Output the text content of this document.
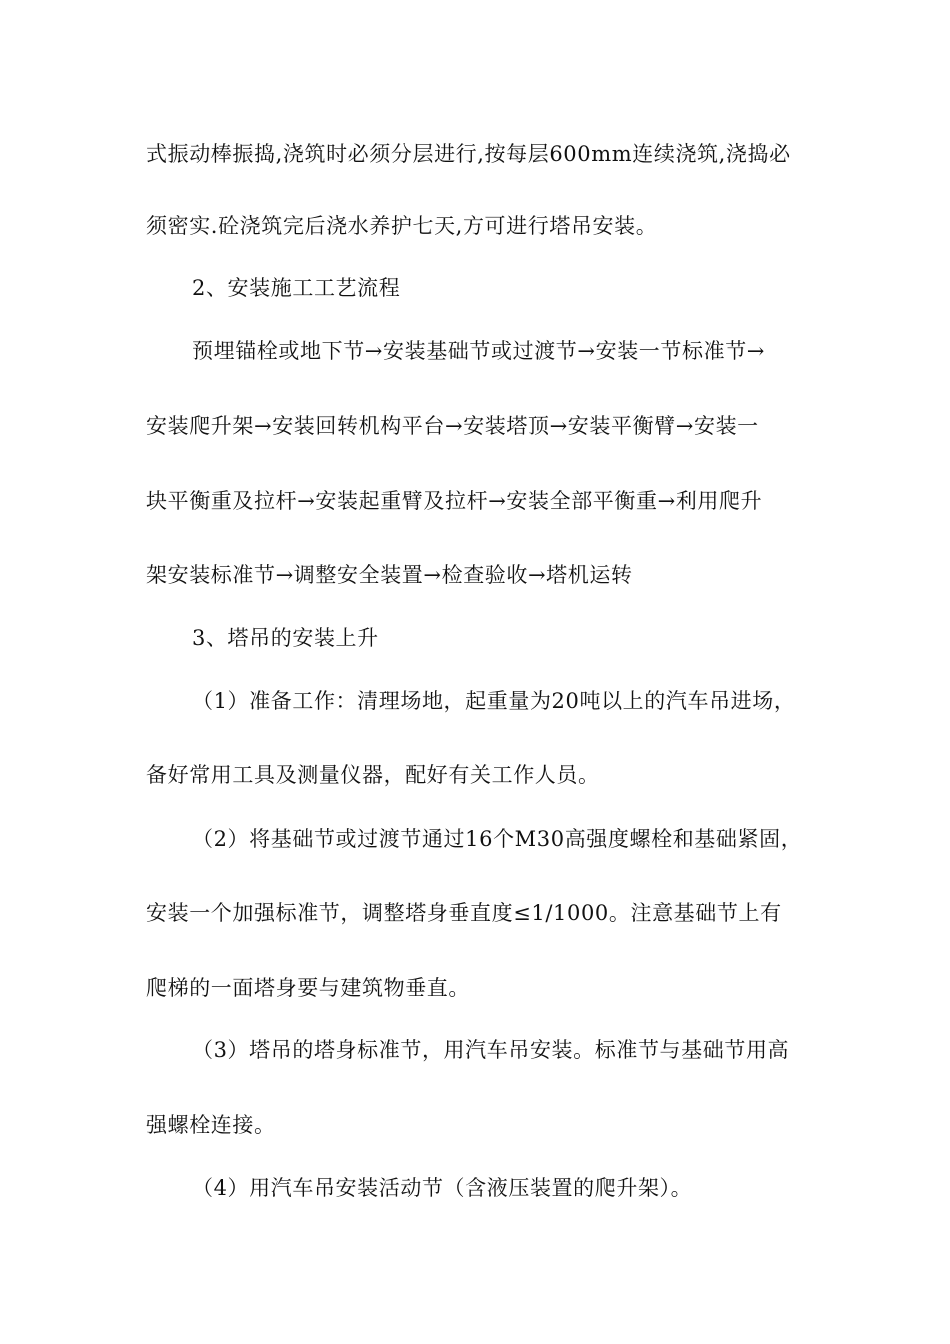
式振动棒振捣,浇筑时必须分层进行,按每层600mm连续浇筑,浇捣必
须密实.砼浇筑完后浇水养护七天,方可进行塔吊安装。
2、安装施工工艺流程
预埋锚栓或地下节→安装基础节或过渡节→安装一节标准节→
安装爬升架→安装回转机构平台→安装塔顶→安装平衡臂→安装一
块平衡重及拉杆→安装起重臂及拉杆→安装全部平衡重→利用爬升
架安装标准节→调整安全装置→检查验收→塔机运转
3、塔吊的安装上升
（1）准备工作：清理场地，起重量为20吨以上的汽车吊进场，
备好常用工具及测量仪器，配好有关工作人员。
（2）将基础节或过渡节通过16个M30高强度螺栓和基础紧固，
安装一个加强标准节，调整塔身垂直度≤1/1000。注意基础节上有
爬梯的一面塔身要与建筑物垂直。
（3）塔吊的塔身标准节，用汽车吊安装。标准节与基础节用高
强螺栓连接。
（4）用汽车吊安装活动节（含液压装置的爬升架）。
